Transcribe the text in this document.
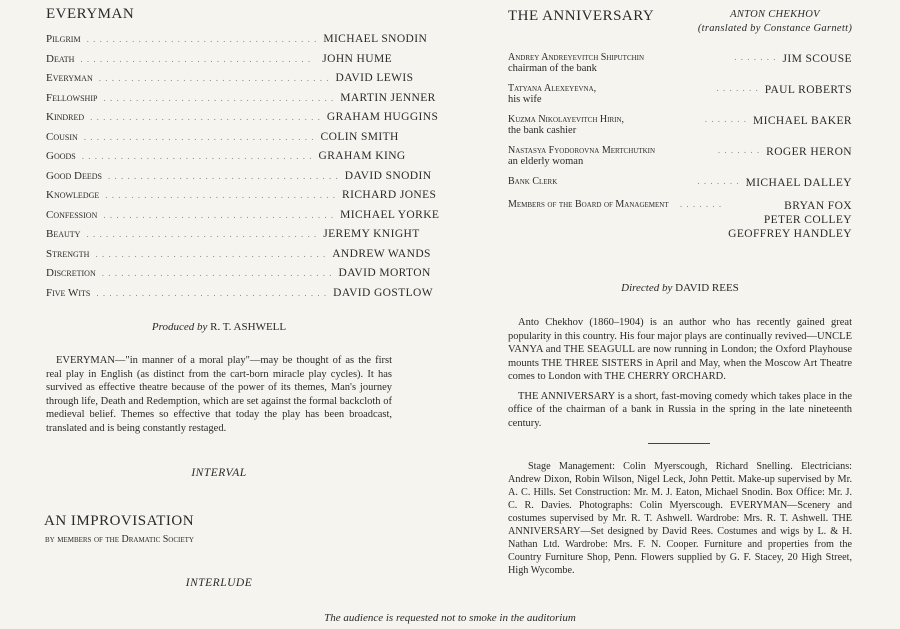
EVERYMAN
Pilgrim . . . . . . . . . . . . . . . . . . . . . . . . . . . . . . . . . . . . MICHAEL SNODIN
Death . . . . . . . . . . . . . . . . . . . . . . . . . . . . . . . . . . . . JOHN HUME
Everyman . . . . . . . . . . . . . . . . . . . . . . . . . . . . . . . . . . . . DAVID LEWIS
Fellowship . . . . . . . . . . . . . . . . . . . . . . . . . . . . . . . . . . . . MARTIN JENNER
Kindred . . . . . . . . . . . . . . . . . . . . . . . . . . . . . . . . . . . . GRAHAM HUGGINS
Cousin . . . . . . . . . . . . . . . . . . . . . . . . . . . . . . . . . . . . COLIN SMITH
Goods . . . . . . . . . . . . . . . . . . . . . . . . . . . . . . . . . . . . GRAHAM KING
Good Deeds . . . . . . . . . . . . . . . . . . . . . . . . . . . . . . . . . . . . DAVID SNODIN
Knowledge . . . . . . . . . . . . . . . . . . . . . . . . . . . . . . . . . . . . RICHARD JONES
Confession . . . . . . . . . . . . . . . . . . . . . . . . . . . . . . . . . . . . MICHAEL YORKE
Beauty . . . . . . . . . . . . . . . . . . . . . . . . . . . . . . . . . . . . JEREMY KNIGHT
Strength . . . . . . . . . . . . . . . . . . . . . . . . . . . . . . . . . . . . ANDREW WANDS
Discretion . . . . . . . . . . . . . . . . . . . . . . . . . . . . . . . . . . . . DAVID MORTON
Five Wits . . . . . . . . . . . . . . . . . . . . . . . . . . . . . . . . . . . . DAVID GOSTLOW
Produced by R. T. ASHWELL

EVERYMAN—"in manner of a moral play"—may be thought of as the first real play in English (as distinct from the cart-born miracle play cycles). It has survived as effective theatre because of the power of its themes, Man's journey through life, Death and Redemption, which are set against the formal backcloth of medieval belief. Themes so effective that today the play has been broadcast, translated and is being constantly restaged.

INTERVAL
AN IMPROVISATION
by members of the Dramatic Society
INTERLUDE
THE ANNIVERSARY	ANTON CHEKHOV
(translated by Constance Garnett)
Andrey Andreyevitch Shiputchin
chairman of the bank
. . . . . . . JIM SCOUSE
Tatyana Alexeyevna,
his wife
. . . . . . . PAUL ROBERTS
Kuzma Nikolayevitch Hirin,
the bank cashier
. . . . . . . MICHAEL BAKER
Nastasya Fyodorovna Mertchutkin
an elderly woman
. . . . . . . ROGER HERON
Bank Clerk	. . . . . . . MICHAEL DALLEY
Members of the Board of Management	. . . . . . .	BRYAN FOX
PETER COLLEY
GEOFFREY HANDLEY
Directed by DAVID REES

Anto Chekhov (1860–1904) is an author who has recently gained great popularity in this country. His four major plays are continually revived—UNCLE VANYA and THE SEAGULL are now running in London; the Oxford Playhouse mounts THE THREE SISTERS in April and May, when the Moscow Art Theatre comes to London with THE CHERRY ORCHARD.

THE ANNIVERSARY is a short, fast-moving comedy which takes place in the office of the chairman of a bank in Russia in the spring in the late nineteenth century.

Stage Management: Colin Myerscough, Richard Snelling. Electricians: Andrew Dixon, Robin Wilson, Nigel Leck, John Pettit. Make-up supervised by Mr. A. C. Hills. Set Construction: Mr. M. J. Eaton, Michael Snodin. Box Office: Mr. J. C. R. Davies. Photographs: Colin Myerscough. EVERYMAN—Scenery and costumes supervised by Mr. R. T. Ashwell. Wardrobe: Mrs. R. T. Ashwell. THE ANNIVERSARY—Set designed by David Rees. Costumes and wigs by L. & H. Nathan Ltd. Wardrobe: Mrs. F. N. Cooper. Furniture and properties from the Country Furniture Shop, Penn. Flowers supplied by G. F. Stacey, 20 High Street, High Wycombe.

The audience is requested not to smoke in the auditorium
